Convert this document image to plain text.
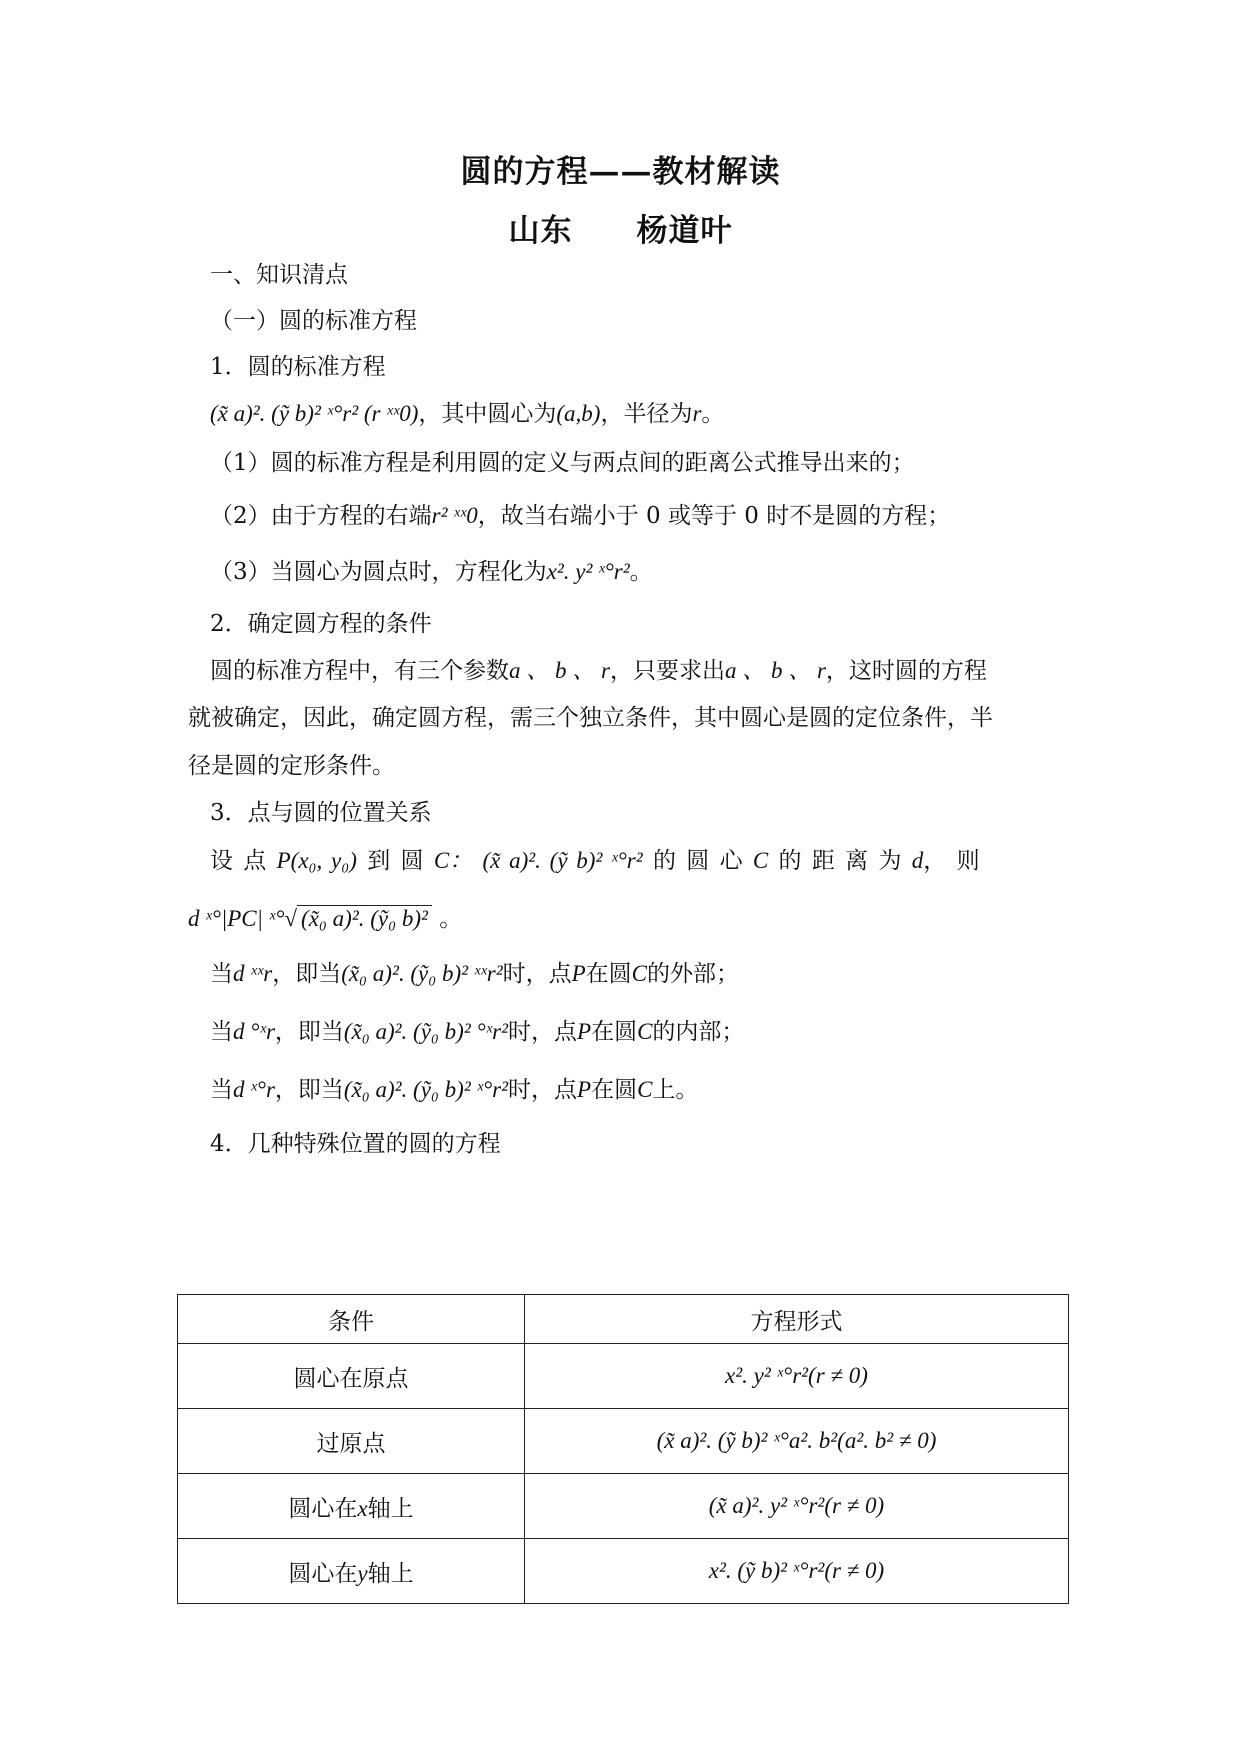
圆的方程——教材解读
山东　　杨道叶
一、知识清点
（一）圆的标准方程
1．圆的标准方程
(x̃ a)². (ỹ b)² ˣ°r² (r ˣˣ0)，其中圆心为(a,b)，半径为r。
（1）圆的标准方程是利用圆的定义与两点间的距离公式推导出来的；
（2）由于方程的右端r² ˣˣ0，故当右端小于 0 或等于 0 时不是圆的方程；
（3）当圆心为圆点时，方程化为x². y² ˣ°r²。
2．确定圆方程的条件
圆的标准方程中，有三个参数a 、 b 、 r，只要求出a 、 b 、 r，这时圆的方程
就被确定，因此，确定圆方程，需三个独立条件，其中圆心是圆的定位条件，半
径是圆的定形条件。
3．点与圆的位置关系
设 点 P(x₀, y₀) 到 圆 C： (x̃ a)². (ỹ b)² ˣ°r² 的 圆 心 C 的 距 离 为 d， 则
d ˣ°|PC| ˣ°√ (x̃₀ a)². (ỹ₀ b)² 。
当d ˣˣr，即当(x̃₀ a)². (ỹ₀ b)² ˣˣr²时，点P在圆C的外部；
当d °ˣr，即当(x̃₀ a)². (ỹ₀ b)² °ˣr²时，点P在圆C的内部；
当d ˣ°r，即当(x̃₀ a)². (ỹ₀ b)² ˣ°r²时，点P在圆C上。
4．几种特殊位置的圆的方程
条件	方程形式
圆心在原点	x². y² ˣ°r²(r ≠ 0)
过原点	(x̃ a)². (ỹ b)² ˣ°a². b²(a². b² ≠ 0)
圆心在x轴上	(x̃ a)². y² ˣ°r²(r ≠ 0)
圆心在y轴上	x². (ỹ b)² ˣ°r²(r ≠ 0)
